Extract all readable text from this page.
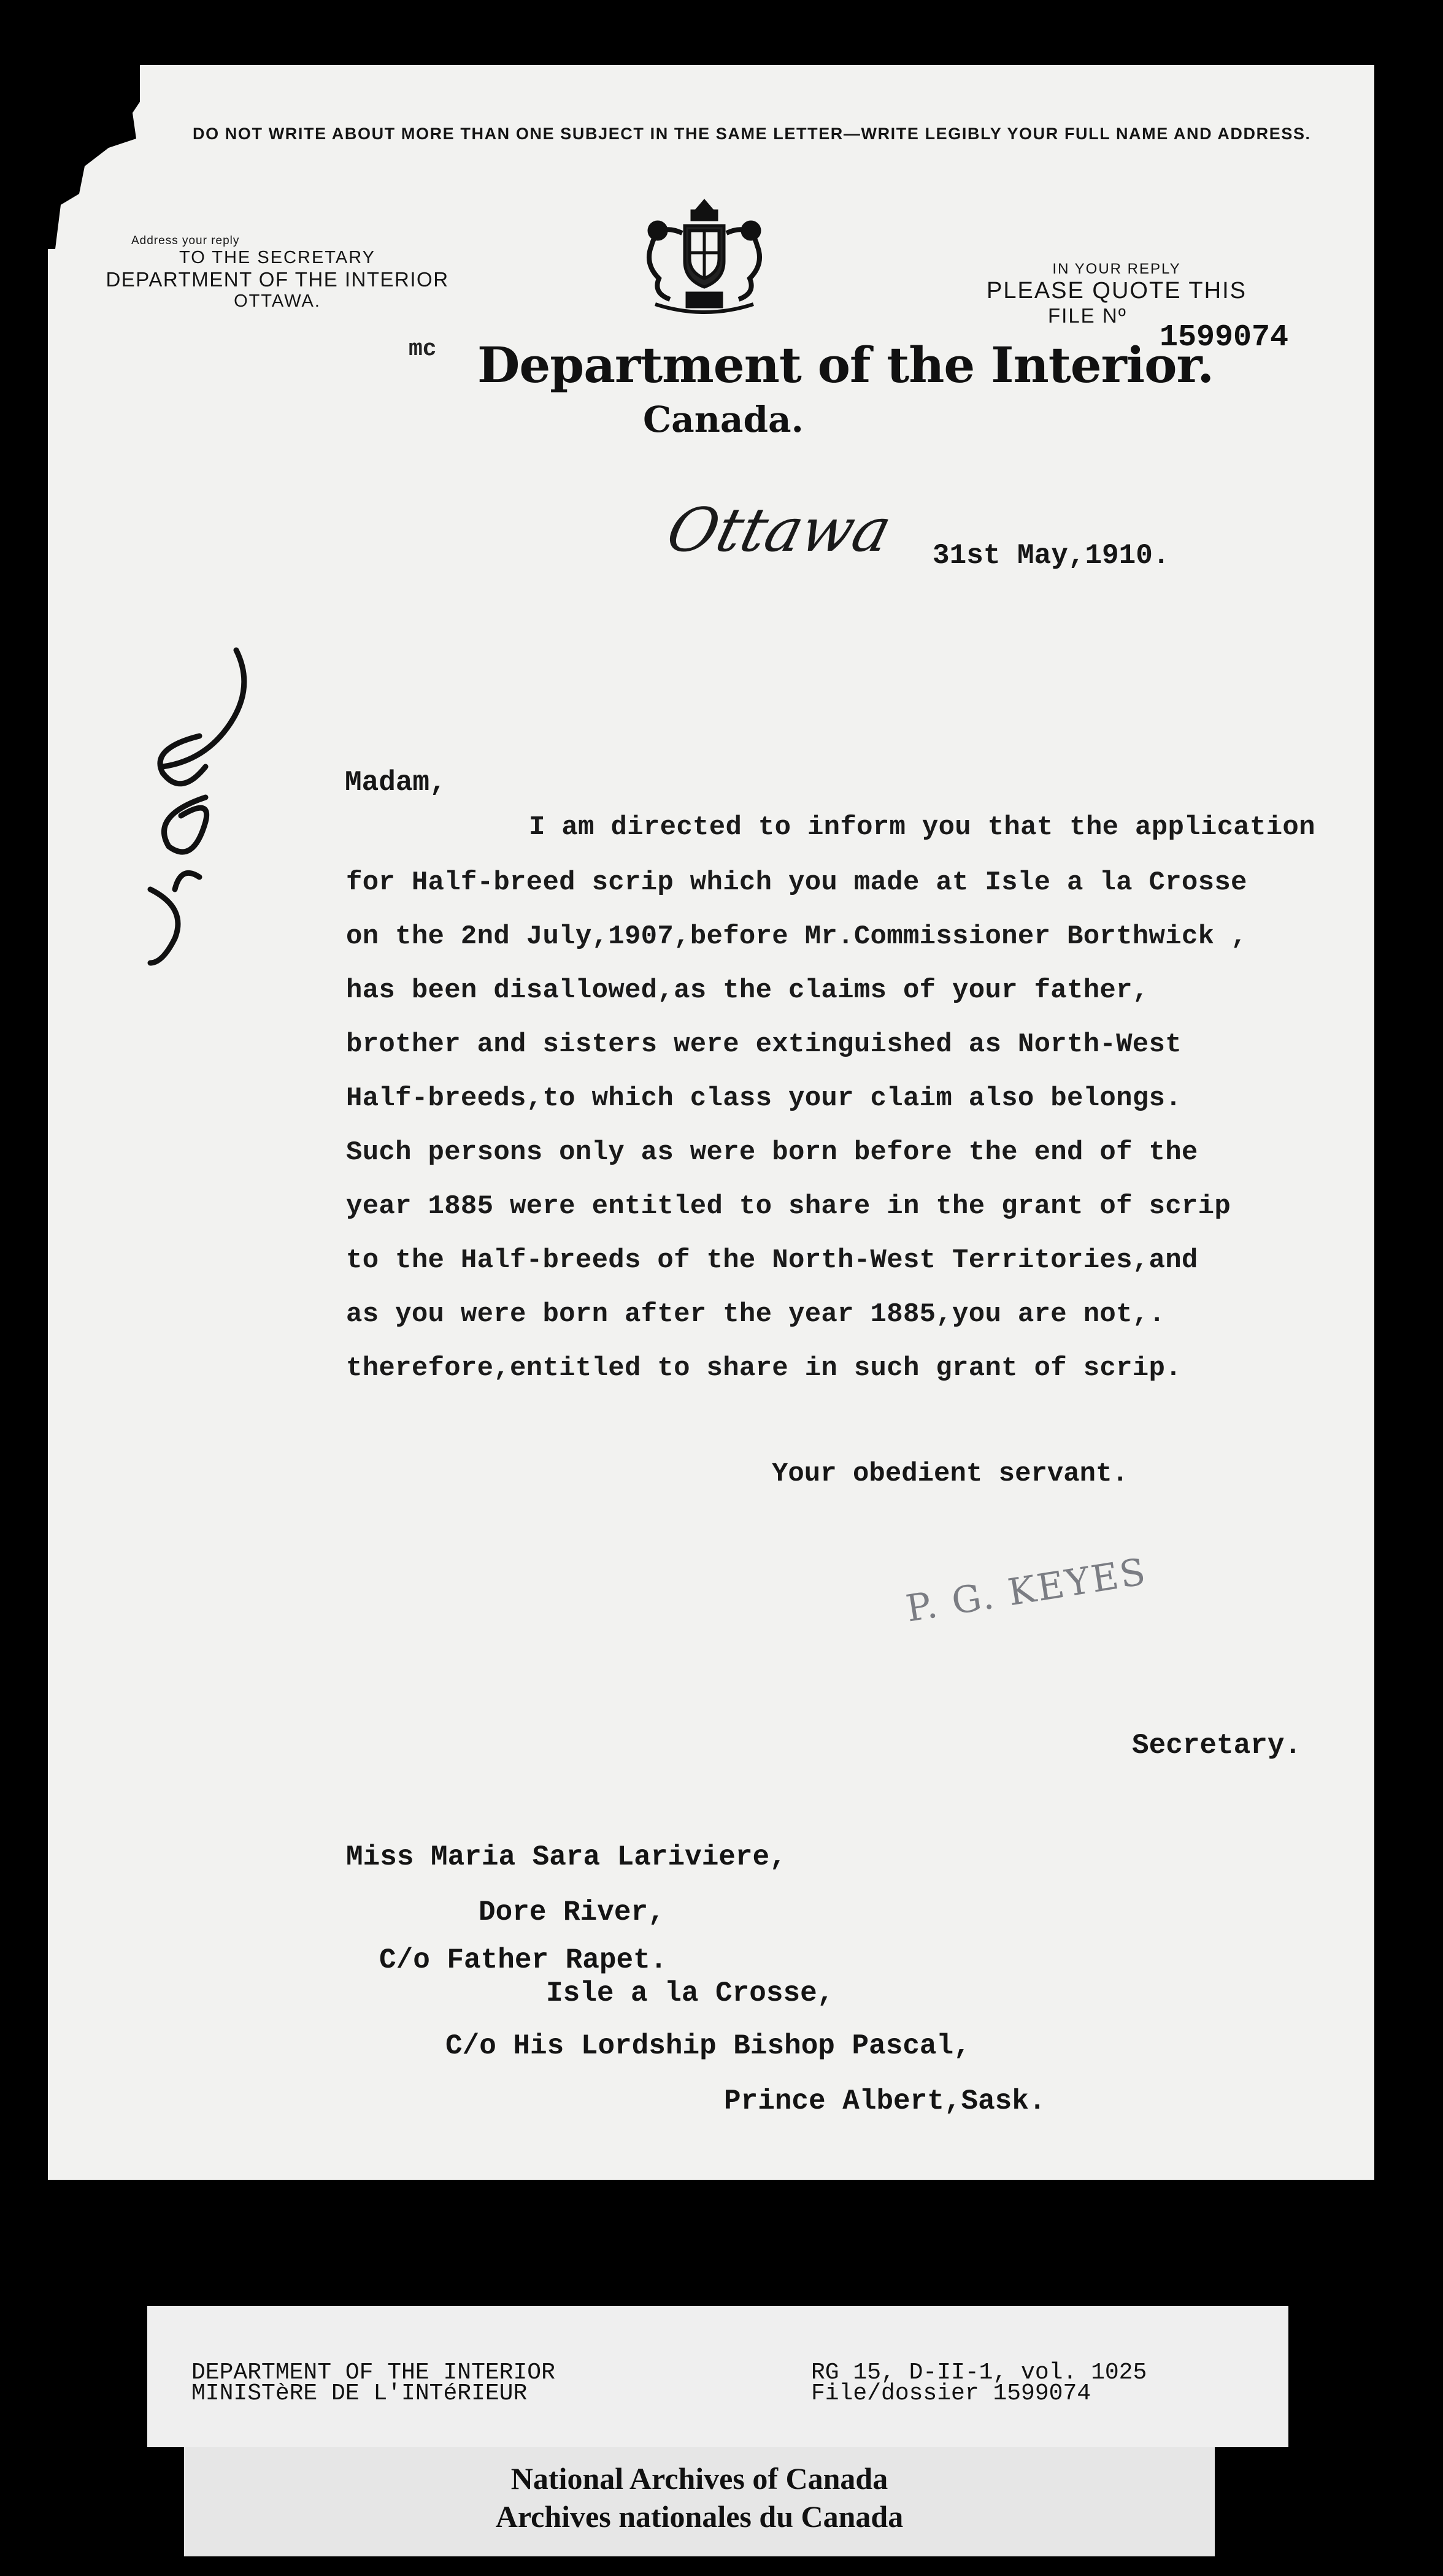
DO NOT WRITE ABOUT MORE THAN ONE SUBJECT IN THE SAME LETTER—WRITE LEGIBLY YOUR FULL NAME AND ADDRESS.
Address your reply
TO THE SECRETARY
DEPARTMENT OF THE INTERIOR
OTTAWA.
IN YOUR REPLY
PLEASE QUOTE THIS
FILE Nº
1599074
mc Department of the Interior.
Canada.
Ottawa 31st May,1910.
Madam,
I am directed to inform you that the application
for Half-breed scrip which you made at Isle a la Crosse
on the 2nd July,1907,before Mr.Commissioner Borthwick ,
has been disallowed,as the claims of your father,
brother and sisters were extinguished as North-West
Half-breeds,to which class your claim also belongs.
Such persons only as were born before the end of the
year 1885 were entitled to share in the grant of scrip
to the Half-breeds of the North-West Territories,and
as you were born after the year 1885,you are not,.
therefore,entitled to share in such grant of scrip.
Your obedient servant.
P. G. KEYES
Secretary.
Miss Maria Sara Lariviere,
Dore River,
C/o Father Rapet.
Isle a la Crosse,
C/o His Lordship Bishop Pascal,
Prince Albert,Sask.
DEPARTMENT OF THE INTERIOR
MINISTèRE DE L'INTéRIEUR
RG 15, D-II-1, vol. 1025
File/dossier 1599074
National Archives of Canada
Archives nationales du Canada
